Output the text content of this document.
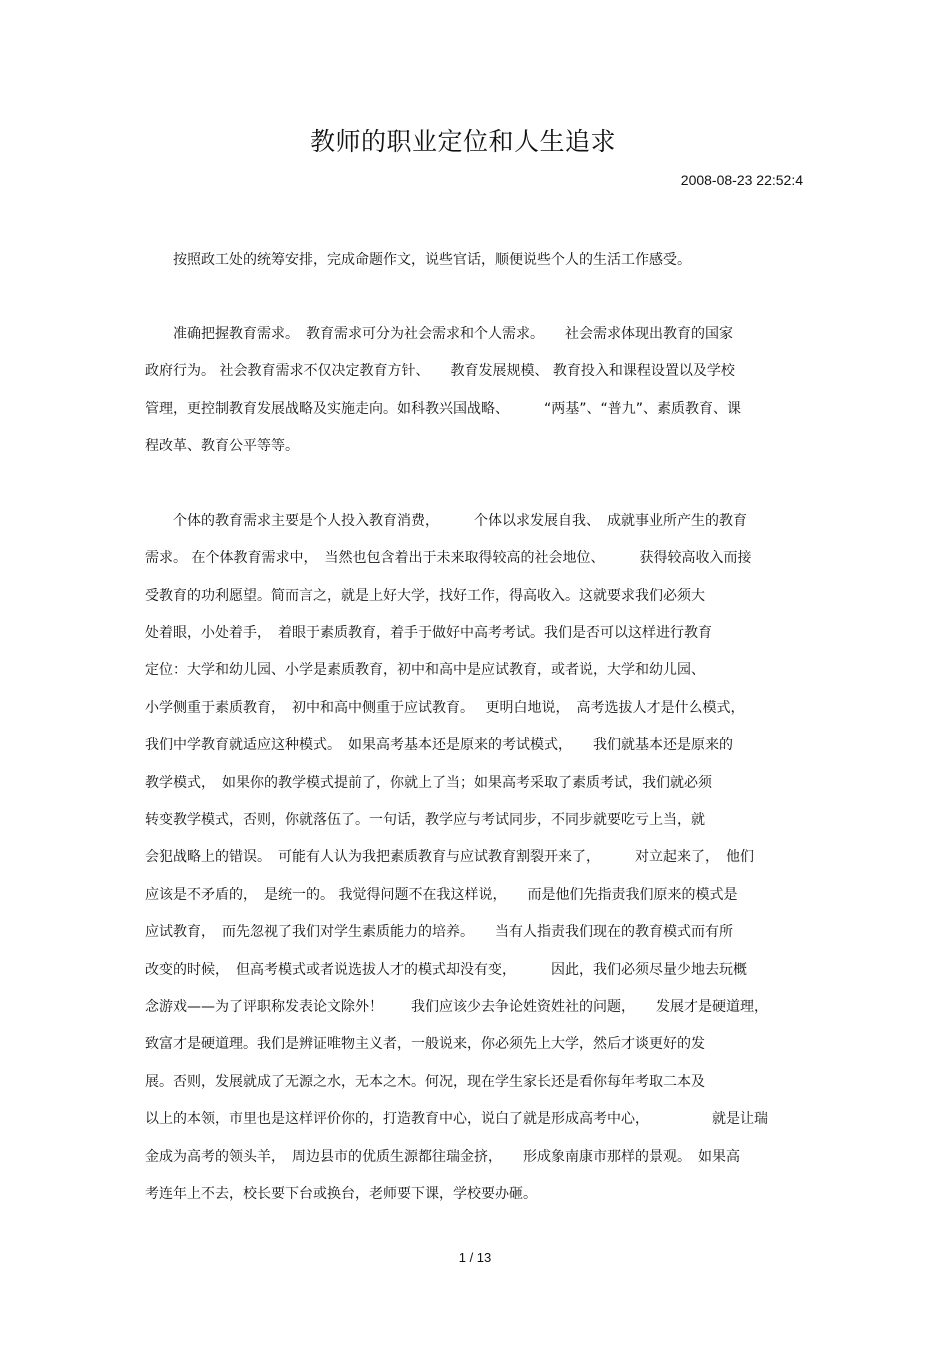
教师的职业定位和人生追求
2008-08-23 22:52:4
　　按照政工处的统筹安排，完成命题作文，说些官话，顺便说些个人的生活工作感受。
　　准确把握教育需求。　教育需求可分为社会需求和个人需求。　　社会需求体现出教育的国家
政府行为。 社会教育需求不仅决定教育方针、　　教育发展规模、 教育投入和课程设置以及学校
管理，更控制教育发展战略及实施走向。如科教兴国战略、　　　“两基”、“普九”、素质教育、课
程改革、教育公平等等。
　　个体的教育需求主要是个人投入教育消费，　　　个体以求发展自我、　成就事业所产生的教育
需求。 在个体教育需求中，　当然也包含着出于未来取得较高的社会地位、　　　获得较高收入而接
受教育的功利愿望。简而言之，就是上好大学，找好工作，得高收入。这就要求我们必须大
处着眼，小处着手，　着眼于素质教育，着手于做好中高考考试。我们是否可以这样进行教育
定位：大学和幼儿园、小学是素质教育，初中和高中是应试教育，或者说，大学和幼儿园、
小学侧重于素质教育，　初中和高中侧重于应试教育。　 更明白地说，　高考选拔人才是什么模式，
我们中学教育就适应这种模式。　如果高考基本还是原来的考试模式，　　我们就基本还是原来的
教学模式，　如果你的教学模式提前了，你就上了当；如果高考采取了素质考试，我们就必须
转变教学模式，否则，你就落伍了。一句话，教学应与考试同步，不同步就要吃亏上当，就
会犯战略上的错误。　可能有人认为我把素质教育与应试教育割裂开来了，　　　对立起来了，　他们
应该是不矛盾的，　是统一的。 我觉得问题不在我这样说，　　而是他们先指责我们原来的模式是
应试教育，　而先忽视了我们对学生素质能力的培养。　　当有人指责我们现在的教育模式而有所
改变的时候，　但高考模式或者说选拔人才的模式却没有变，　　　因此，我们必须尽量少地去玩概
念游戏——为了评职称发表论文除外！　　我们应该少去争论姓资姓社的问题，　　发展才是硬道理，
致富才是硬道理。我们是辨证唯物主义者，一般说来，你必须先上大学，然后才谈更好的发
展。否则，发展就成了无源之水，无本之木。何况，现在学生家长还是看你每年考取二本及
以上的本领，市里也是这样评价你的，打造教育中心，说白了就是形成高考中心，　　　　　就是让瑞
金成为高考的领头羊，　周边县市的优质生源都往瑞金挤，　　形成象南康市那样的景观。　如果高
考连年上不去，校长要下台或换台，老师要下课，学校要办砸。
1 / 13
